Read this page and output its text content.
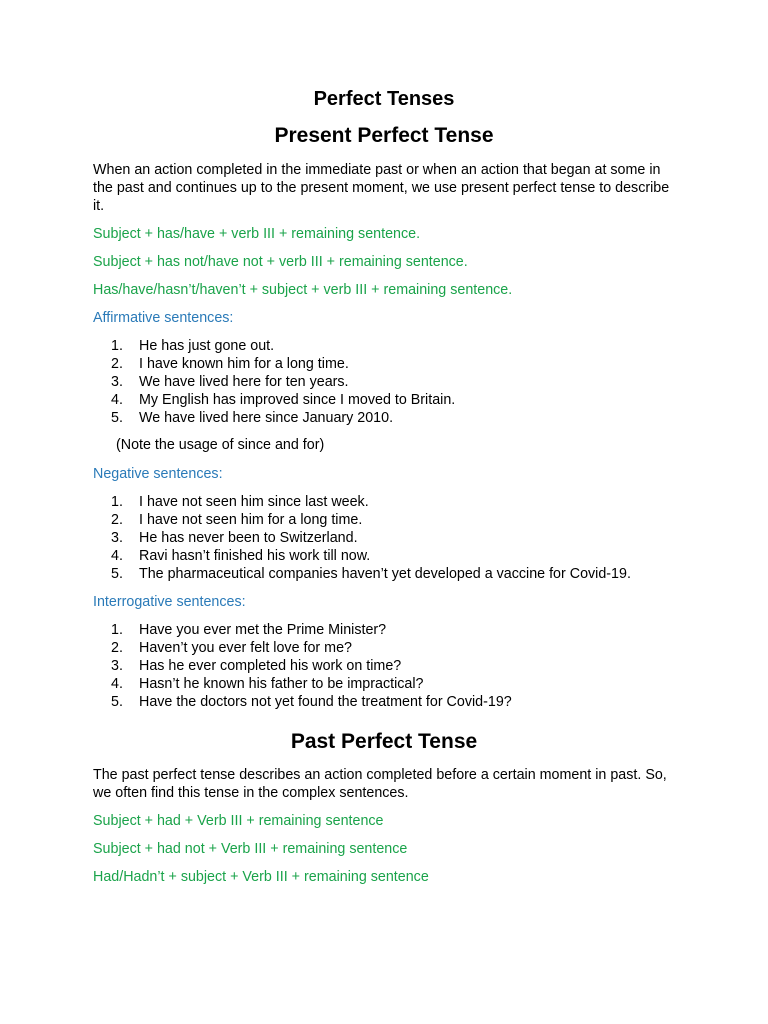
Perfect Tenses
Present Perfect Tense

When an action completed in the immediate past or when an action that began at some in the past and continues up to the present moment, we use present perfect tense to describe it.

Subject + has/have + verb III + remaining sentence.

Subject + has not/have not + verb III + remaining sentence.

Has/have/hasn’t/haven’t + subject + verb III + remaining sentence.

Affirmative sentences:

1.	He has just gone out.
2.	I have known him for a long time.
3.	We have lived here for ten years.
4.	My English has improved since I moved to Britain.
5.	We have lived here since January 2010.

(Note the usage of since and for)

Negative sentences:

1.	I have not seen him since last week.
2.	I have not seen him for a long time.
3.	He has never been to Switzerland.
4.	Ravi hasn’t finished his work till now.
5.	The pharmaceutical companies haven’t yet developed a vaccine for Covid-19.

Interrogative sentences:

1.	Have you ever met the Prime Minister?
2.	Haven’t you ever felt love for me?
3.	Has he ever completed his work on time?
4.	Hasn’t he known his father to be impractical?
5.	Have the doctors not yet found the treatment for Covid-19?
Past Perfect Tense

The past perfect tense describes an action completed before a certain moment in past. So, we often find this tense in the complex sentences.

Subject + had + Verb III + remaining sentence

Subject + had not + Verb III + remaining sentence

Had/Hadn’t + subject + Verb III + remaining sentence
